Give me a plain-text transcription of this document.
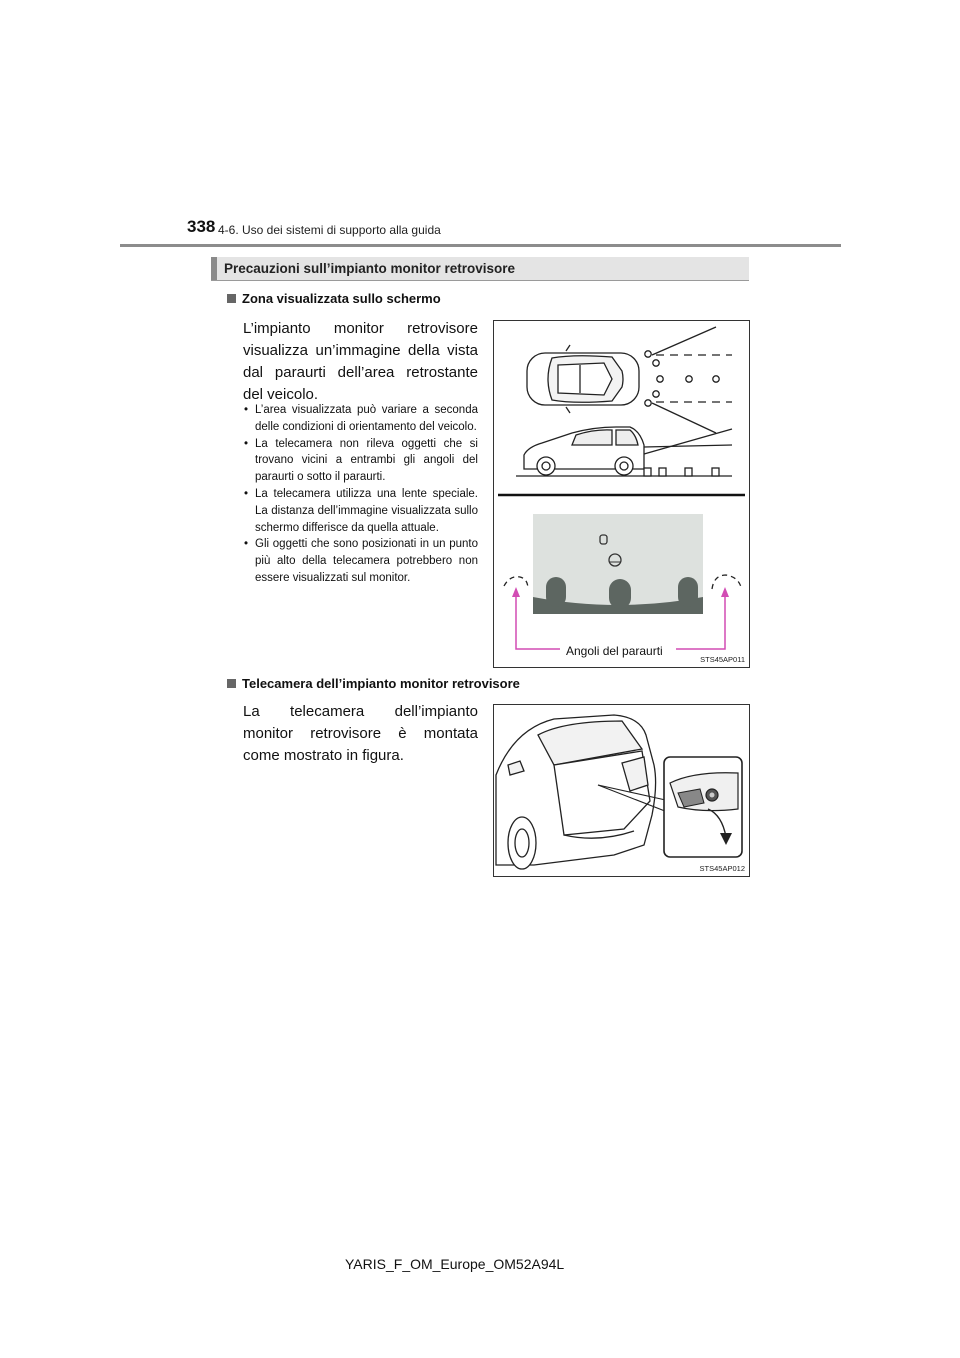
338 4-6. Uso dei sistemi di supporto alla guida
Precauzioni sull’impianto monitor retrovisore
Zona visualizzata sullo schermo

L’impianto monitor retrovisore visualizza un’immagine della vista dal paraurti dell’area retrostante del veicolo.

• L’area visualizzata può variare a seconda delle condizioni di orientamento del veicolo.
• La telecamera non rileva oggetti che si trovano vicini a entrambi gli angoli del paraurti o sotto il paraurti.
• La telecamera utilizza una lente speciale. La distanza dell’immagine visualizzata sullo schermo differisce da quella attuale.
• Gli oggetti che sono posizionati in un punto più alto della telecamera potrebbero non essere visualizzati sul monitor.
Angoli del paraurti
STS45AP011
Telecamera dell’impianto monitor retrovisore

La telecamera dell’impianto monitor retrovisore è montata come mostrato in figura.

STS45AP012
YARIS_F_OM_Europe_OM52A94L
